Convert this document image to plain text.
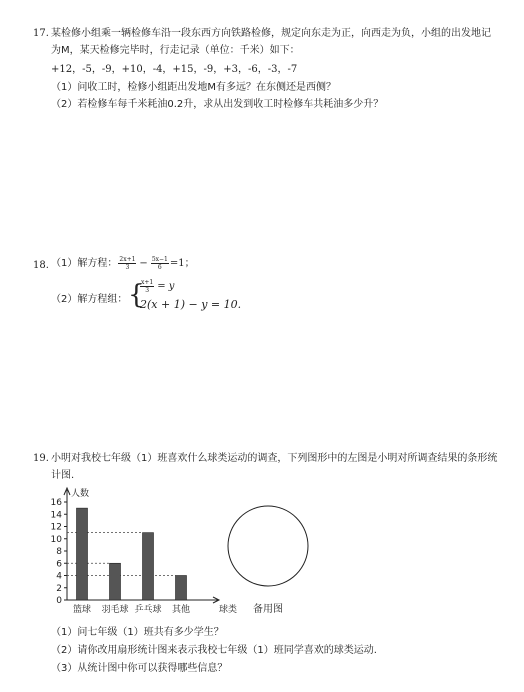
17. 某检修小组乘一辆检修车沿一段东西方向铁路检修，规定向东走为正，向西走为负，小组的出发地记
为M，某天检修完毕时，行走记录（单位：千米）如下：
+12，-5，-9，+10，-4，+15，-9，+3，-6，-3，-7
（1）问收工时，检修小组距出发地M有多远？在东侧还是西侧？
（2）若检修车每千米耗油0.2升，求从出发到收工时检修车共耗油多少升？
18. （1）解方程： $\frac{2x+1}{3} - \frac{5x-1}{6} =1$；
（2）解方程组： {
$\frac{x+1}{3} = y$
2(x + 1) − y = 10.
19. 小明对我校七年级（1）班喜欢什么球类运动的调查，下列图形中的左图是小明对所调查结果的条形统
计图.
人数
0
2
4
6
8
10
12
14
16
篮球 羽毛球 乒乓球 其他	球类 备用图
（1）问七年级（1）班共有多少学生？
（2）请你改用扇形统计图来表示我校七年级（1）班同学喜欢的球类运动.
（3）从统计图中你可以获得哪些信息？
